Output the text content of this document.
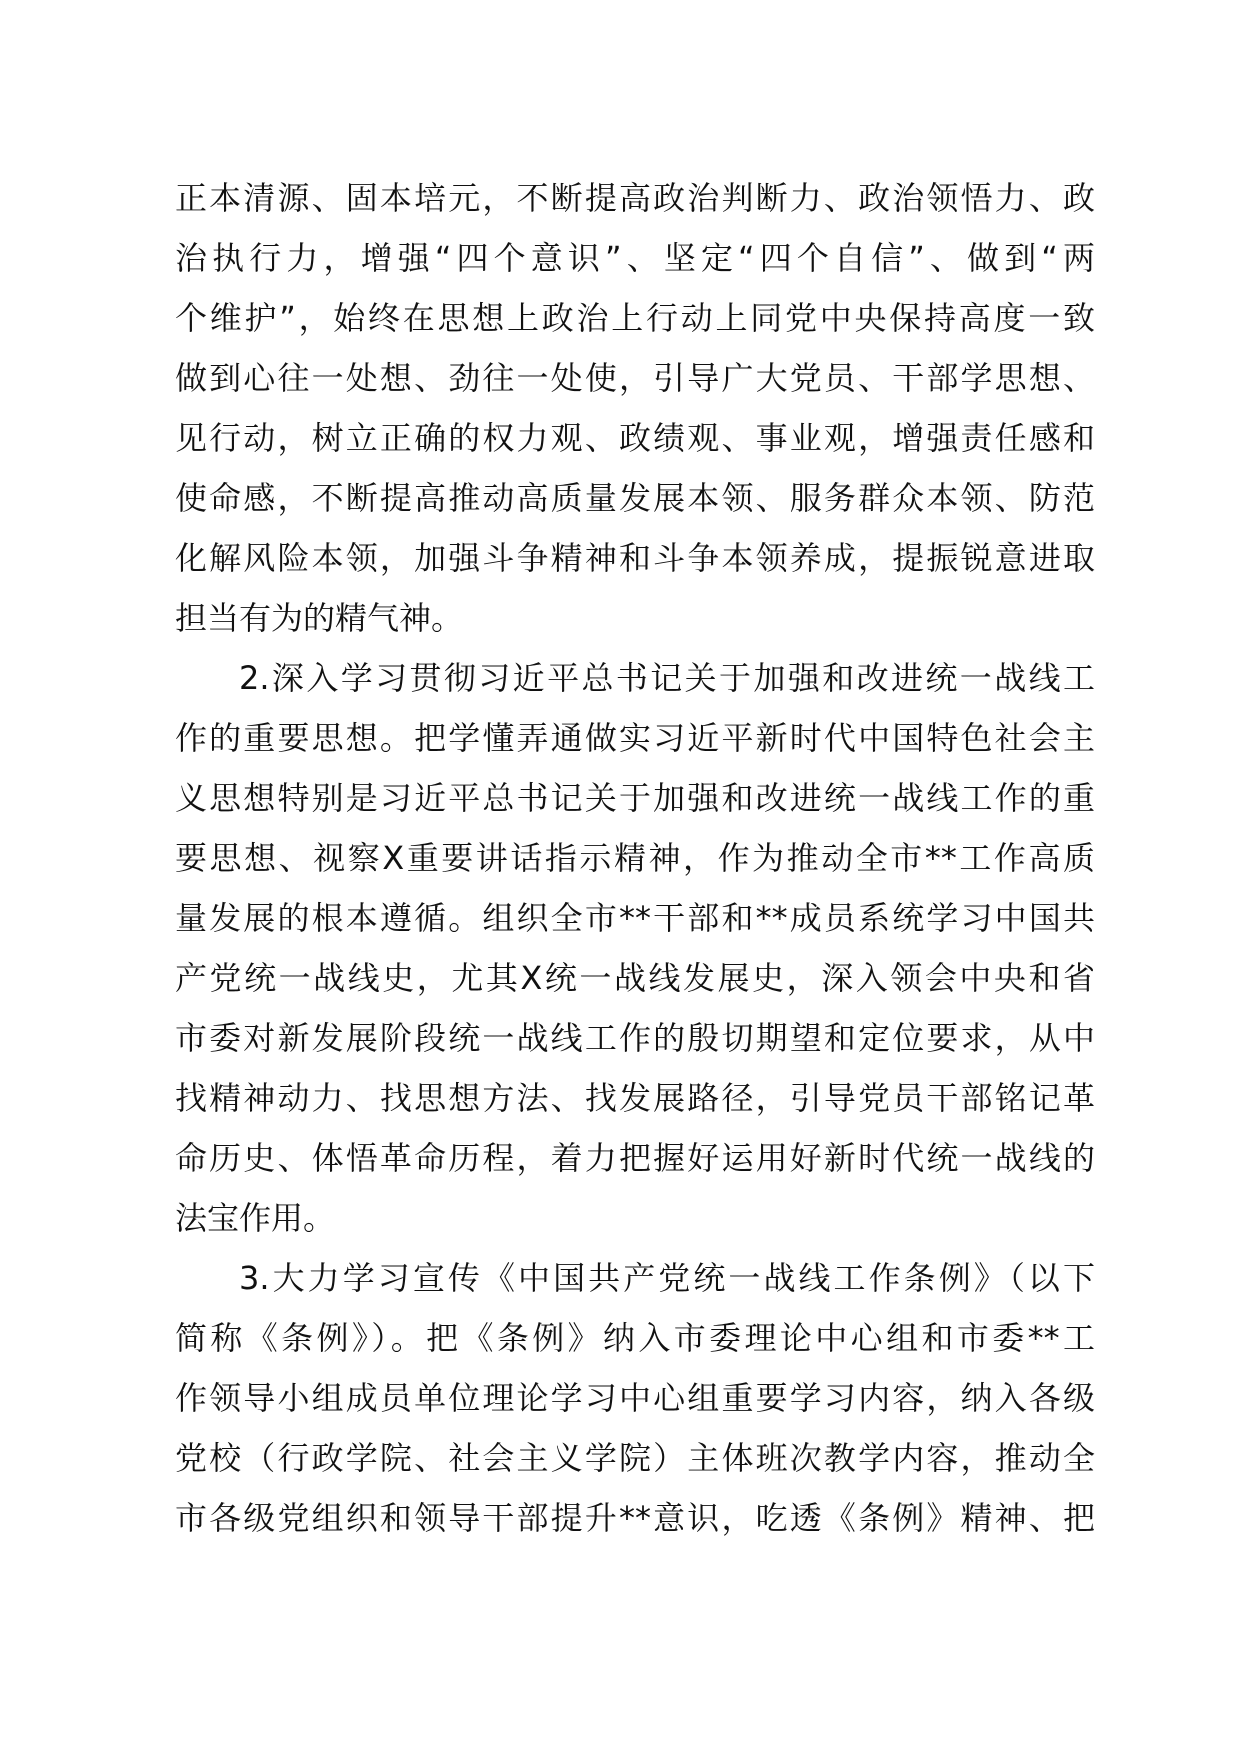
正本清源、固本培元，不断提高政治判断力、政治领悟力、政
治执行力，增强“四个意识”、坚定“四个自信”、做到“两
个维护”，始终在思想上政治上行动上同党中央保持高度一致
做到心往一处想、劲往一处使，引导广大党员、干部学思想、
见行动，树立正确的权力观、政绩观、事业观，增强责任感和
使命感，不断提高推动高质量发展本领、服务群众本领、防范
化解风险本领，加强斗争精神和斗争本领养成，提振锐意进取
担当有为的精气神。
2.深入学习贯彻习近平总书记关于加强和改进统一战线工
作的重要思想。把学懂弄通做实习近平新时代中国特色社会主
义思想特别是习近平总书记关于加强和改进统一战线工作的重
要思想、视察X重要讲话指示精神，作为推动全市**工作高质
量发展的根本遵循。组织全市**干部和**成员系统学习中国共
产党统一战线史，尤其X统一战线发展史，深入领会中央和省
市委对新发展阶段统一战线工作的殷切期望和定位要求，从中
找精神动力、找思想方法、找发展路径，引导党员干部铭记革
命历史、体悟革命历程，着力把握好运用好新时代统一战线的
法宝作用。
3.大力学习宣传《中国共产党统一战线工作条例》（以下
简称《条例》）。把《条例》纳入市委理论中心组和市委**工
作领导小组成员单位理论学习中心组重要学习内容，纳入各级
党校（行政学院、社会主义学院）主体班次教学内容，推动全
市各级党组织和领导干部提升**意识，吃透《条例》精神、把
